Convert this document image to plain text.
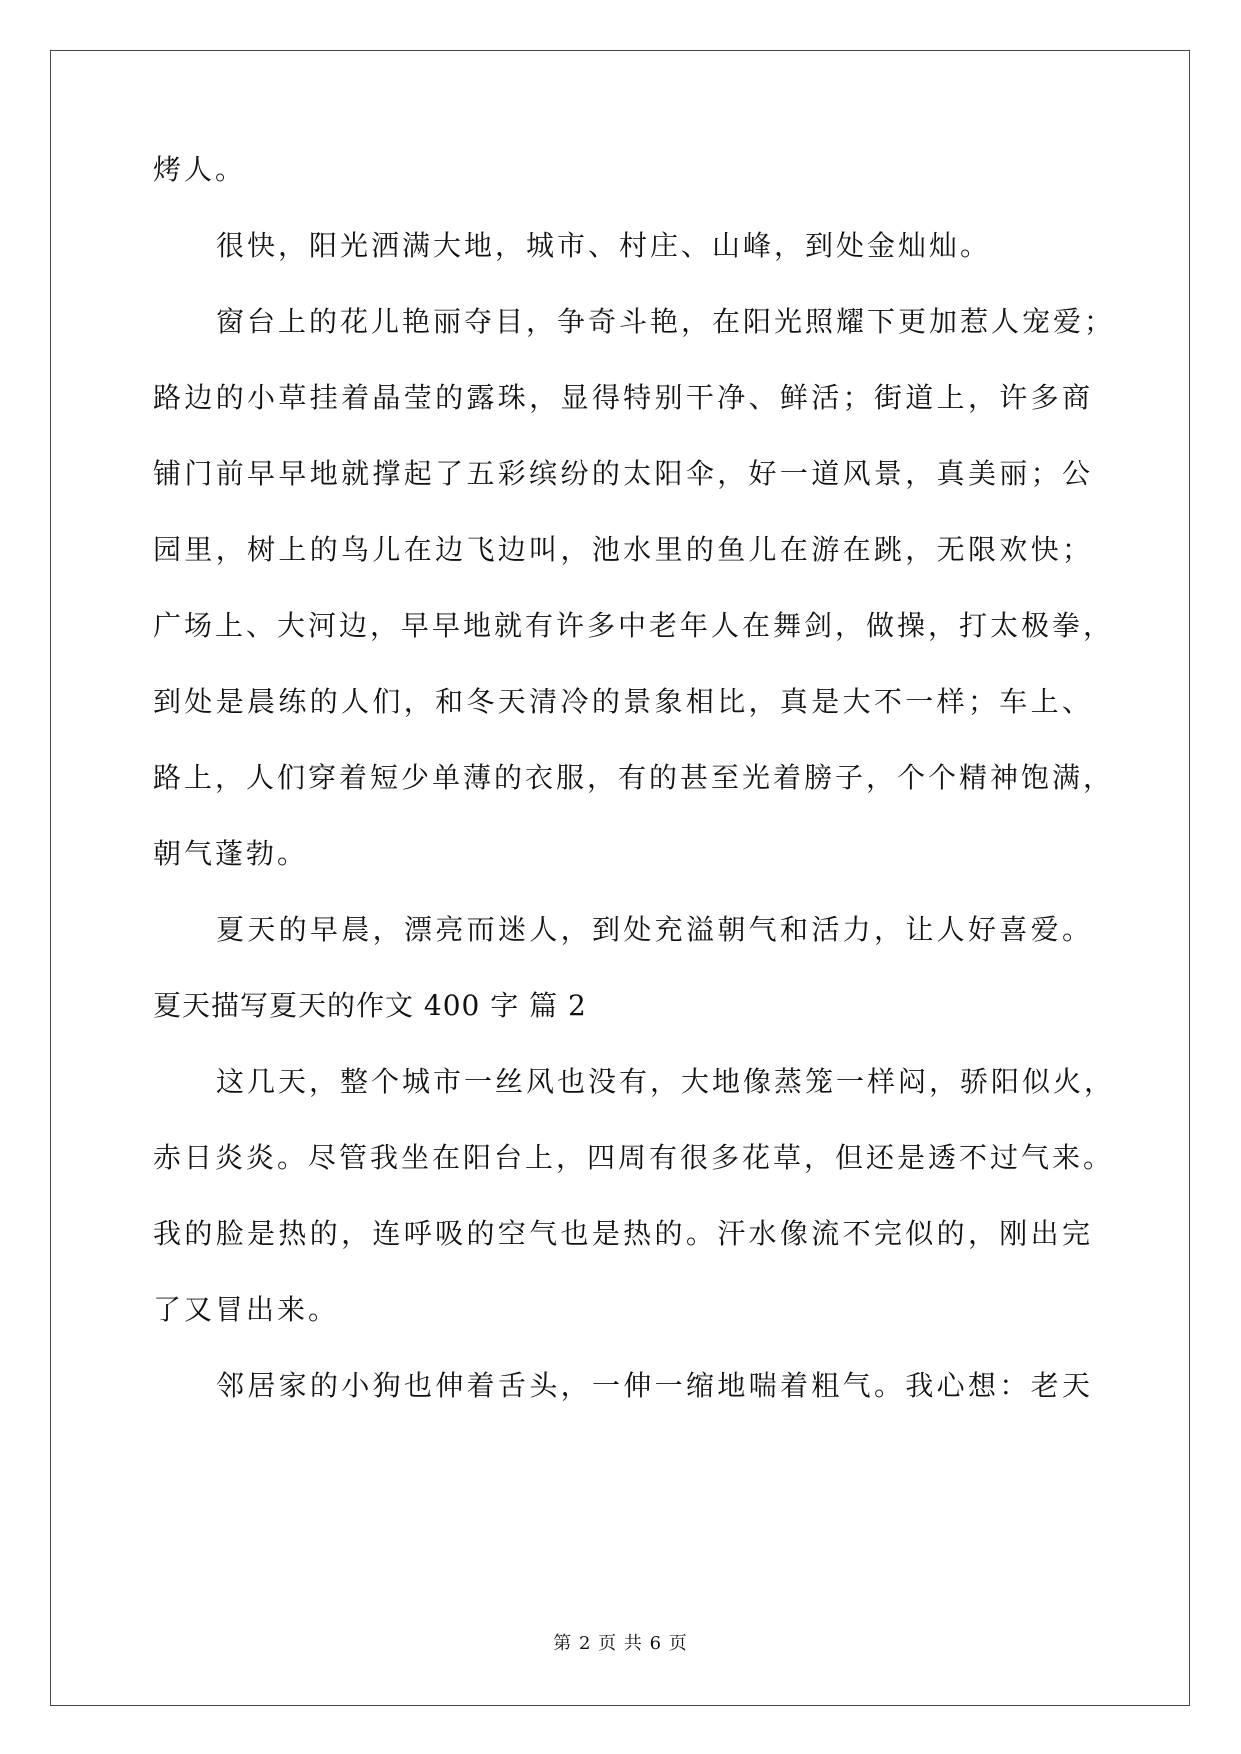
烤人。
很快，阳光洒满大地，城市、村庄、山峰，到处金灿灿。
窗台上的花儿艳丽夺目，争奇斗艳，在阳光照耀下更加惹人宠爱；
路边的小草挂着晶莹的露珠，显得特别干净、鲜活；街道上，许多商
铺门前早早地就撑起了五彩缤纷的太阳伞，好一道风景，真美丽；公
园里，树上的鸟儿在边飞边叫，池水里的鱼儿在游在跳，无限欢快；
广场上、大河边，早早地就有许多中老年人在舞剑，做操，打太极拳，
到处是晨练的人们，和冬天清冷的景象相比，真是大不一样；车上、
路上，人们穿着短少单薄的衣服，有的甚至光着膀子，个个精神饱满，
朝气蓬勃。
夏天的早晨，漂亮而迷人，到处充溢朝气和活力，让人好喜爱。
夏天描写夏天的作文 400 字 篇 2
这几天，整个城市一丝风也没有，大地像蒸笼一样闷，骄阳似火，
赤日炎炎。尽管我坐在阳台上，四周有很多花草，但还是透不过气来。
我的脸是热的，连呼吸的空气也是热的。汗水像流不完似的，刚出完
了又冒出来。
邻居家的小狗也伸着舌头，一伸一缩地喘着粗气。我心想：老天
第 2 页 共 6 页
